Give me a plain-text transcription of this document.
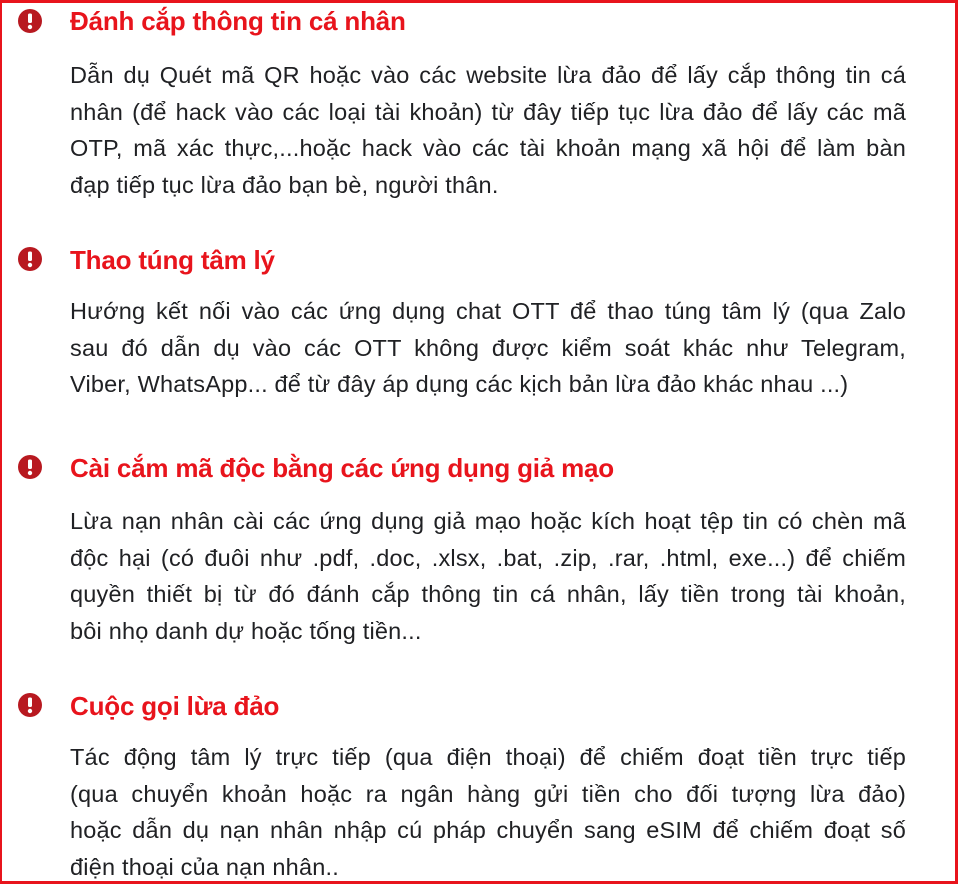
Đánh cắp thông tin cá nhân

Dẫn dụ Quét mã QR hoặc vào các website lừa đảo để lấy cắp thông tin cá
nhân (để hack vào các loại tài khoản) từ đây tiếp tục lừa đảo để lấy các mã
OTP, mã xác thực,...hoặc hack vào các tài khoản mạng xã hội để làm bàn
đạp tiếp tục lừa đảo bạn bè, người thân.

Thao túng tâm lý

Hướng kết nối vào các ứng dụng chat OTT để thao túng tâm lý (qua Zalo
sau đó dẫn dụ vào các OTT không được kiểm soát khác như Telegram,
Viber, WhatsApp... để từ đây áp dụng các kịch bản lừa đảo khác nhau ...)

Cài cắm mã độc bằng các ứng dụng giả mạo

Lừa nạn nhân cài các ứng dụng giả mạo hoặc kích hoạt tệp tin có chèn mã
độc hại (có đuôi như .pdf, .doc, .xlsx, .bat, .zip, .rar, .html, exe...) để chiếm
quyền thiết bị từ đó đánh cắp thông tin cá nhân, lấy tiền trong tài khoản,
bôi nhọ danh dự hoặc tống tiền...

Cuộc gọi lừa đảo

Tác động tâm lý trực tiếp (qua điện thoại) để chiếm đoạt tiền trực tiếp
(qua chuyển khoản hoặc ra ngân hàng gửi tiền cho đối tượng lừa đảo)
hoặc dẫn dụ nạn nhân nhập cú pháp chuyển sang eSIM để chiếm đoạt số
điện thoại của nạn nhân..
